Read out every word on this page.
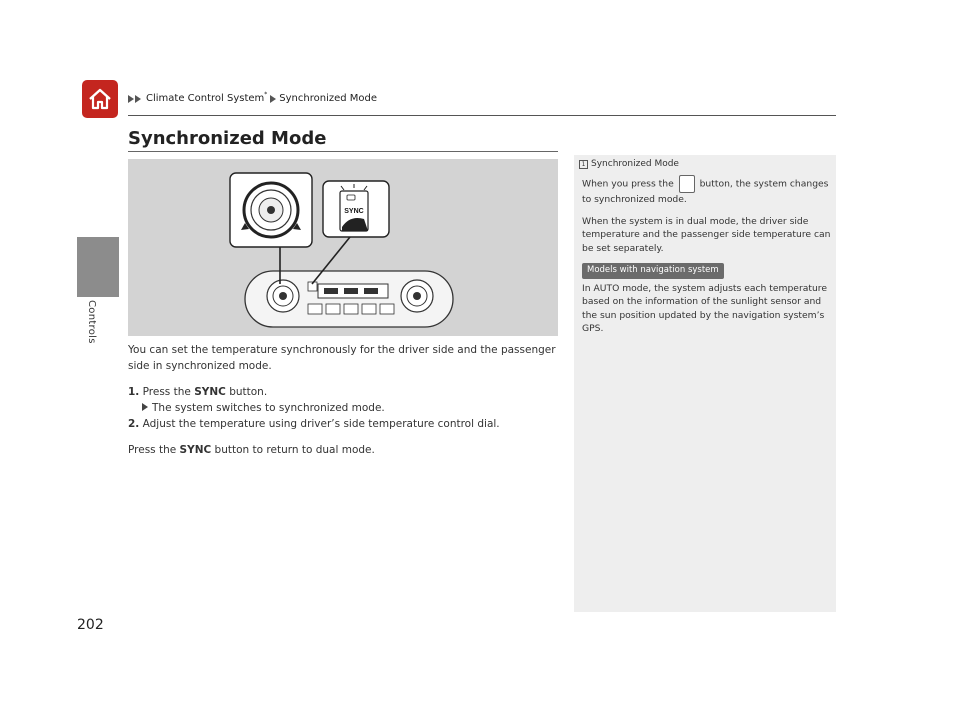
Climate Control System* Synchronized Mode
Controls
Synchronized Mode
SYNC

You can set the temperature synchronously for the driver side and the passenger side in synchronized mode.

1. Press the SYNC button.

The system switches to synchronized mode.

2. Adjust the temperature using driver’s side temperature control dial.

Press the SYNC button to return to dual mode.

1 Synchronized Mode

When you press the	button, the system changes to synchronized mode.

When the system is in dual mode, the driver side temperature and the passenger side temperature can be set separately.

Models with navigation system

In AUTO mode, the system adjusts each temperature based on the information of the sunlight sensor and the sun position updated by the navigation system’s GPS.

202
